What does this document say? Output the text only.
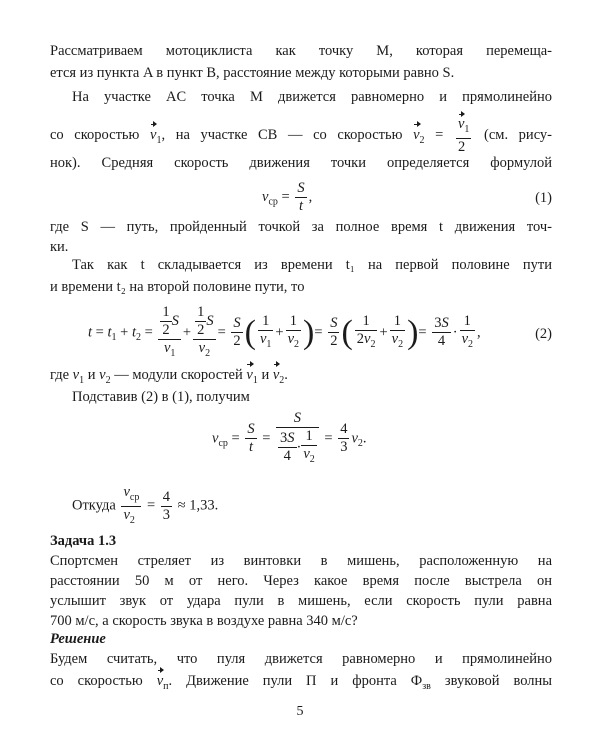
Рассматриваем мотоциклиста как точку M, которая перемеща-
ется из пункта A в пункт B, расстояние между которыми равно S.
На участке AC точка M движется равномерно и прямолинейно
со скоростью $v_1$, на участке CB — со скоростью $v_2 = \frac{v_1}{2} (см$. рису-
нок). Средняя скорость движения точки определяется формулой
$v_{ср} = \frac{S}{t}$ ,	(1)
где S — путь, пройденный точкой за полное время t движения точ-
ки.
Так как t складывается из времени t₁ на первой половине пути
и времени t₂ на второй половине пути, то
$t = t_1 + t_2 = \frac{\frac{1}{2} S}{v_1} + \frac{\frac{1}{2} S}{v_2} = \frac{S}{2}$ ( $\frac{1}{v_1} + \frac{1}{v_2}$ )= $\frac{S}{2}$ ( $\frac{1}{2v_2} + \frac{1}{v_2}$ )= $\frac{3S}{4} \cdot \frac{1}{v_2}$ ,	(2)
где $v_1$ и $v_2$ — модули скоростей $v_1$ и $v_2$.
Подставив (2) в (1), получим
$v_{ср} = \frac{S}{t} = \frac{S}{\frac{3S}{4} \cdot \frac{1}{v_2}} = \frac{4}{3} v_2$.
Откуда $\frac{v_{ср}}{v_2} = \frac{4}{3} \approx 1,33$.
Задача 1.3
Спортсмен стреляет из винтовки в мишень, расположенную на
расстоянии 50 м от него. Через какое время после выстрела он
услышит звук от удара пули в мишень, если скорость пули равна
700 м/с, а скорость звука в воздухе равна 340 м/с?
Решение
Будем считать, что пуля движется равномерно и прямолинейно
со скоростью $v_п$. Движение пули П и фронта $Ф_{зв}$ звуковой волны
5
